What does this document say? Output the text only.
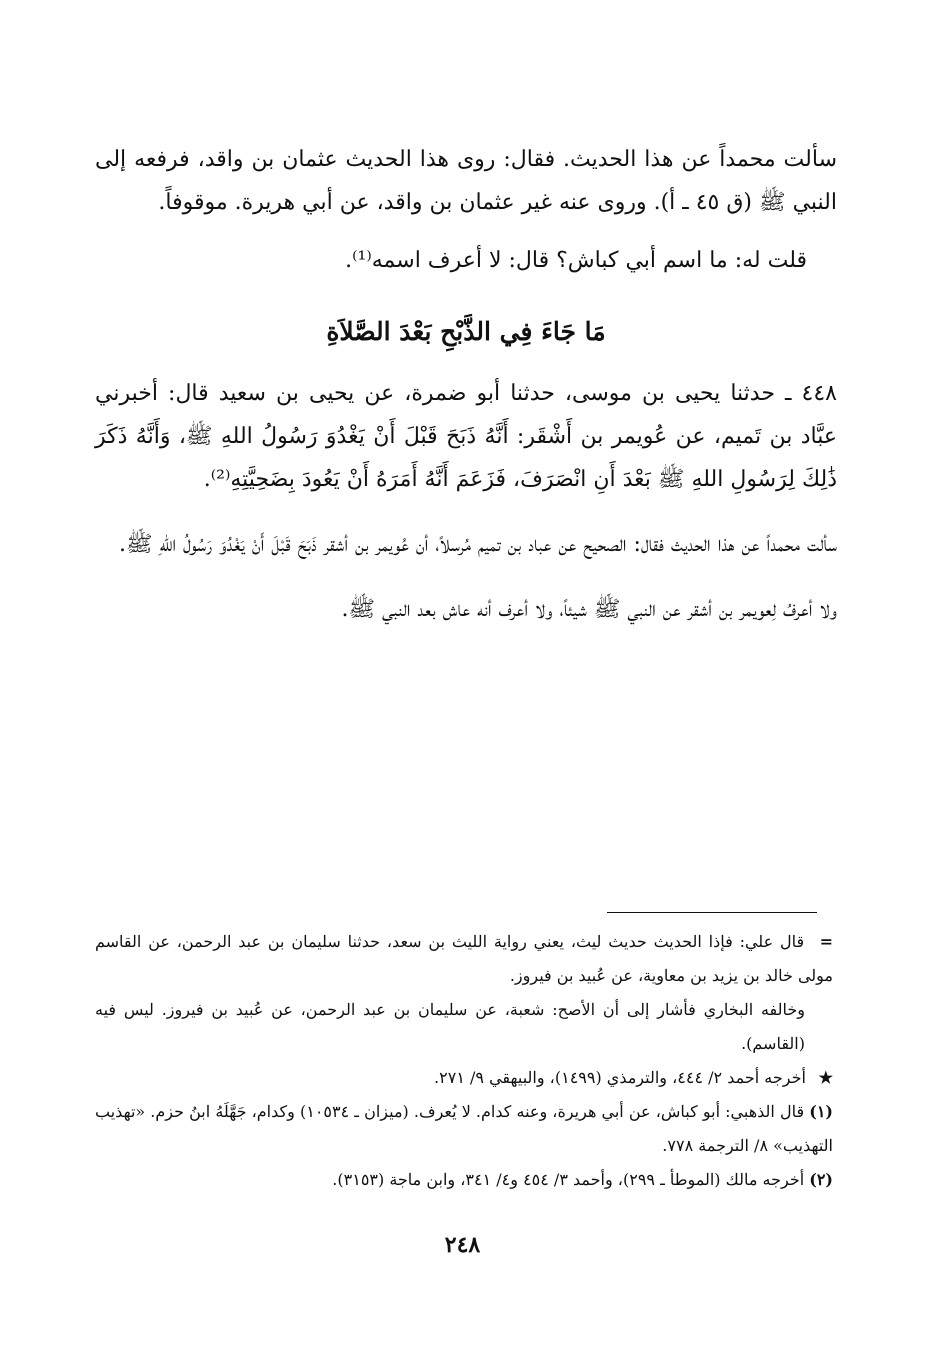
سألت محمداً عن هذا الحديث. فقال: روى هذا الحديث عثمان بن واقد، فرفعه إلى النبي ﷺ (ق ٤٥ ـ أ). وروى عنه غير عثمان بن واقد، عن أبي هريرة. موقوفاً.

قلت له: ما اسم أبي كباش؟ قال: لا أعرف اسمه⁽¹⁾.

مَا جَاءَ فِي الذَّبْحِ بَعْدَ الصَّلاَةِ

٤٤٨ ـ حدثنا يحيى بن موسى، حدثنا أبو ضمرة، عن يحيى بن سعيد قال: أخبرني عبَّاد بن تَميم، عن عُويمر بن أَشْقَر: أَنَّهُ ذَبَحَ قَبْلَ أَنْ يَغْدُوَ رَسُولُ اللهِ ﷺ، وَأَنَّهُ ذَكَرَ ذَٰلِكَ لِرَسُولِ اللهِ ﷺ بَعْدَ أَنِ انْصَرَفَ، فَزَعَمَ أَنَّهُ أَمَرَهُ أَنْ يَعُودَ بِضَحِيَّتِهِ⁽²⁾.

سألت محمداً عن هذا الحديث فقال: الصحيح عن عباد بن تميم مُرسلاً، أن عُويمر بن أشقر ذَبَحَ قَبْلَ أَنْ يَغْدُوَ رَسُولُ اللهِ ﷺ.

ولا أعرفُ لِعويمر بن أشقر عن النبي ﷺ شيئاً، ولا أعرف أنه عاش بعد النبي ﷺ.

= قال علي: فإذا الحديث حديث ليث، يعني رواية الليث بن سعد، حدثنا سليمان بن عبد الرحمن، عن القاسم مولى خالد بن يزيد بن معاوية، عن عُبيد بن فيروز.

وخالفه البخاري فأشار إلى أن الأصح: شعبة، عن سليمان بن عبد الرحمن، عن عُبيد بن فيروز. ليس فيه (القاسم).

★ أخرجه أحمد ٢/ ٤٤٤، والترمذي (١٤٩٩)، والبيهقي ٩/ ٢٧١.

(١) قال الذهبي: أبو كباش، عن أبي هريرة، وعنه كدام. لا يُعرف. (ميزان ـ ١٠٥٣٤) وكدام، جَهَّلَهُ ابنُ حزم. «تهذيب التهذيب» ٨/ الترجمة ٧٧٨.

(٢) أخرجه مالك (الموطأ ـ ٢٩٩)، وأحمد ٣/ ٤٥٤ و٤/ ٣٤١، وابن ماجة (٣١٥٣).

٢٤٨
